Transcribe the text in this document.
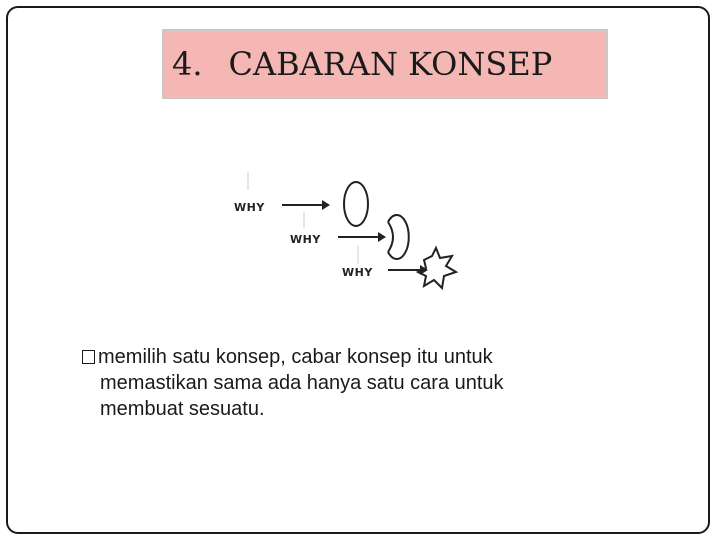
4. CABARAN KONSEP
WHY
WHY
WHY
memilih satu konsep, cabar konsep itu untuk
memastikan sama ada hanya satu cara untuk
membuat sesuatu.
